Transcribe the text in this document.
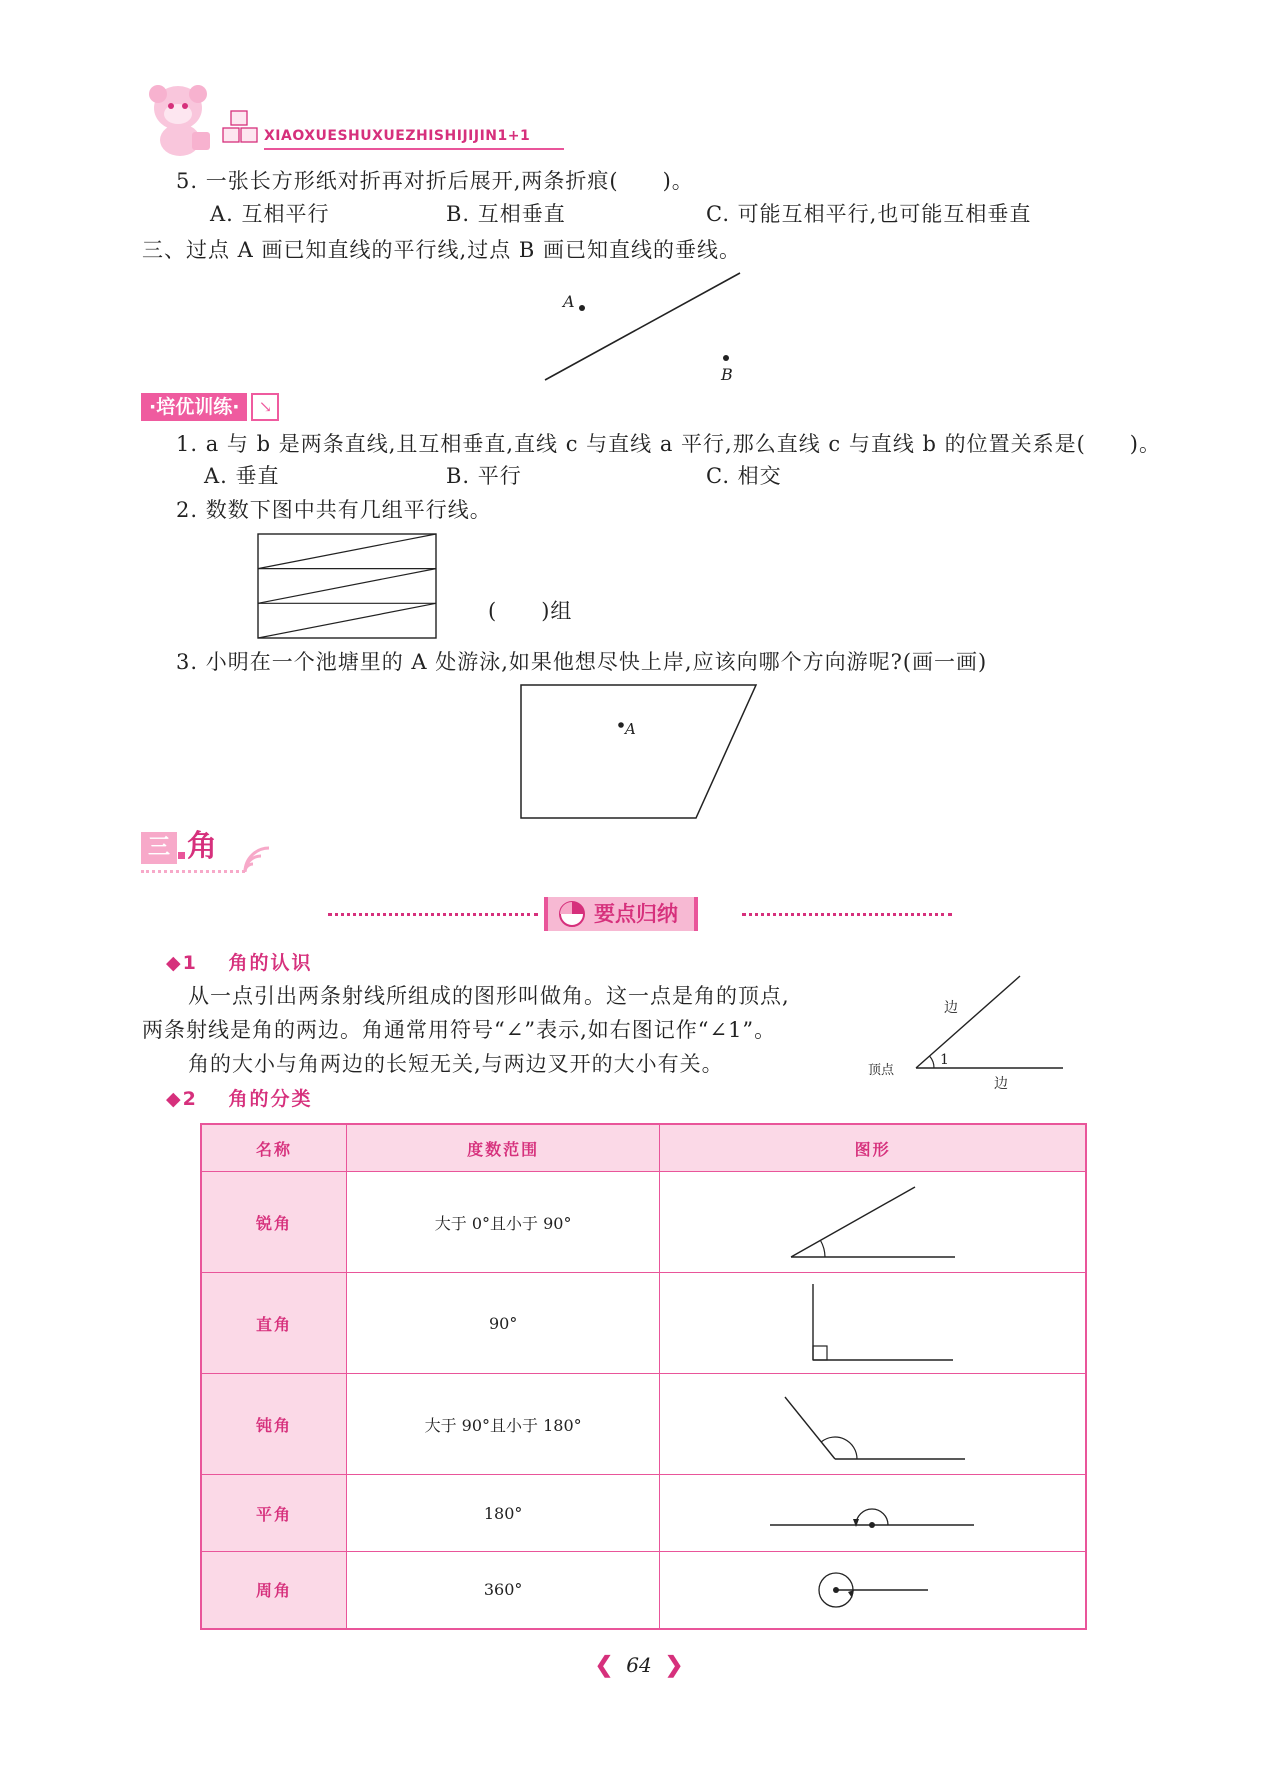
XIAOXUESHUXUEZHISHIJIJIN1+1
5. 一张长方形纸对折再对折后展开,两条折痕(　　)。
A. 互相平行	B. 互相垂直	C. 可能互相平行,也可能互相垂直
三、过点 A 画已知直线的平行线,过点 B 画已知直线的垂线。
A
B
·培优训练·	↘
1. a 与 b 是两条直线,且互相垂直,直线 c 与直线 a 平行,那么直线 c 与直线 b 的位置关系是(　　)。
A. 垂直	B. 平行	C. 相交
2. 数数下图中共有几组平行线。
(　　)组
3. 小明在一个池塘里的 A 处游泳,如果他想尽快上岸,应该向哪个方向游呢?(画一画)
A
三 角
要点归纳
◆1 角的认识
从一点引出两条射线所组成的图形叫做角。这一点是角的顶点,
两条射线是角的两边。角通常用符号“∠”表示,如右图记作“∠1”。
角的大小与角两边的长短无关,与两边叉开的大小有关。
边
1
顶点
边
◆2 角的分类
名称	度数范围	图形
锐角	大于 0°且小于 90°	

直角	90°	

钝角	大于 90°且小于 180°	

平角	180°	

周角	360°	
❮ 64 ❯
